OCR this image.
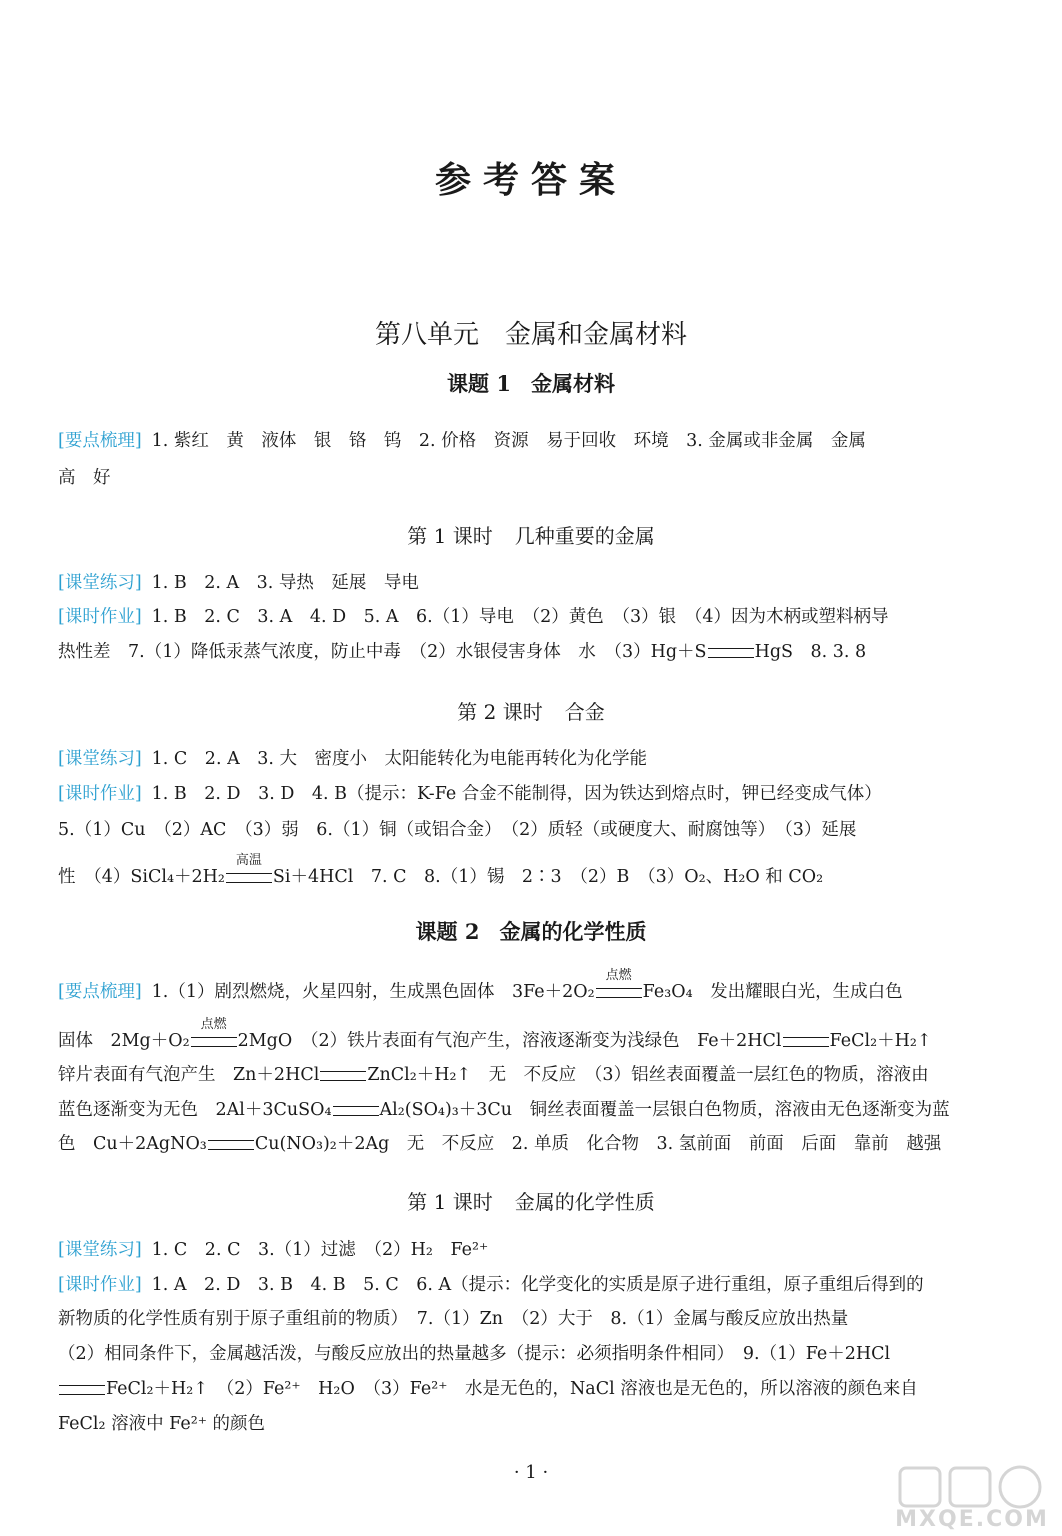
参考答案
第八单元 金属和金属材料
课题 1 金属材料
[要点梳理] 1. 紫红　黄　液体　银　铬　钨　2. 价格　资源　易于回收　环境　3. 金属或非金属　金属
高　好
第 1 课时 几种重要的金属
[课堂练习] 1. B　2. A　3. 导热　延展　导电
[课时作业] 1. B　2. C　3. A　4. D　5. A　6.（1）导电　（2）黄色　（3）银　（4）因为木柄或塑料柄导
热性差　7.（1）降低汞蒸气浓度，防止中毒　（2）水银侵害身体　水　（3）Hg＋S	HgS　8. 3. 8
第 2 课时 合金
[课堂练习] 1. C　2. A　3. 大　密度小　太阳能转化为电能再转化为化学能
[课时作业] 1. B　2. D　3. D　4. B（提示：K-Fe 合金不能制得，因为铁达到熔点时，钾已经变成气体）
5.（1）Cu　（2）AC　（3）弱　6.（1）铜（或铝合金）　（2）质轻（或硬度大、耐腐蚀等）　（3）延展
性　（4）SiCl₄＋2H₂
高温
Si＋4HCl　7. C　8.（1）锡　2∶3　（2）B　（3）O₂、H₂O 和 CO₂
课题 2 金属的化学性质
[要点梳理] 1.（1）剧烈燃烧，火星四射，生成黑色固体　3Fe＋2O₂
点燃
Fe₃O₄　发出耀眼白光，生成白色
固体　2Mg＋O₂
点燃
2MgO　（2）铁片表面有气泡产生，溶液逐渐变为浅绿色　Fe＋2HCl	FeCl₂＋H₂↑
锌片表面有气泡产生　Zn＋2HCl	ZnCl₂＋H₂↑　无　不反应　（3）铝丝表面覆盖一层红色的物质，溶液由
蓝色逐渐变为无色　2Al＋3CuSO₄	Al₂(SO₄)₃＋3Cu　铜丝表面覆盖一层银白色物质，溶液由无色逐渐变为蓝
色　Cu＋2AgNO₃	Cu(NO₃)₂＋2Ag　无　不反应　2. 单质　化合物　3. 氢前面　前面　后面　靠前　越强
第 1 课时 金属的化学性质
[课堂练习] 1. C　2. C　3.（1）过滤　（2）H₂　Fe²⁺
[课时作业] 1. A　2. D　3. B　4. B　5. C　6. A（提示：化学变化的实质是原子进行重组，原子重组后得到的
新物质的化学性质有别于原子重组前的物质）　7.（1）Zn　（2）大于　8.（1）金属与酸反应放出热量
（2）相同条件下，金属越活泼，与酸反应放出的热量越多（提示：必须指明条件相同）　9.（1）Fe＋2HCl
FeCl₂＋H₂↑　（2）Fe²⁺　H₂O　（3）Fe²⁺　水是无色的，NaCl 溶液也是无色的，所以溶液的颜色来自
FeCl₂ 溶液中 Fe²⁺ 的颜色
· 1 ·
MXQE.COM
